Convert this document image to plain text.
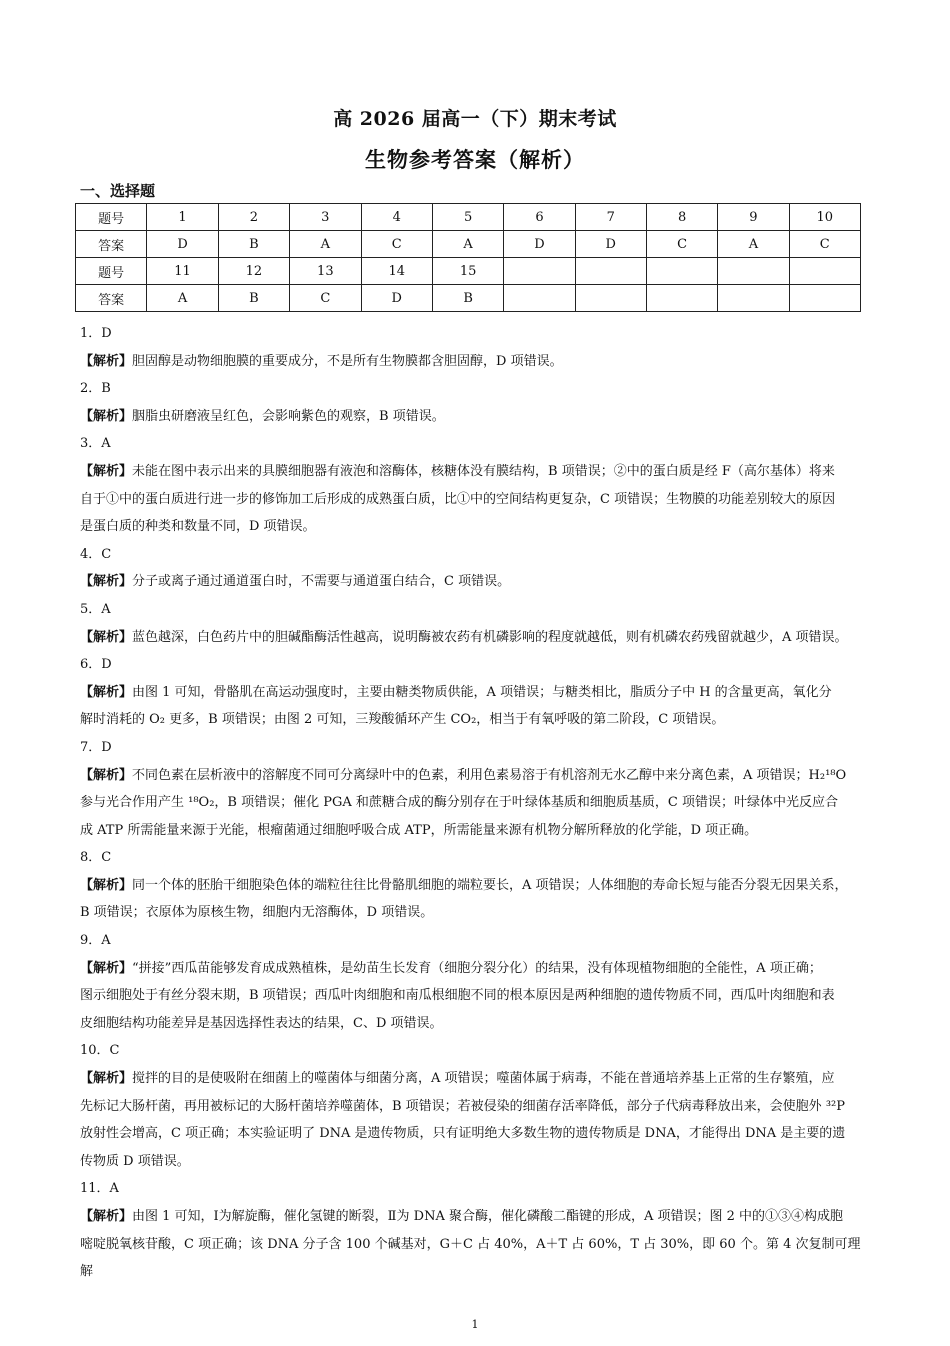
高 2026 届高一（下）期末考试
生物参考答案（解析）
一、选择题
题号	1	2	3	4	5	6	7	8	9	10
答案	D	B	A	C	A	D	D	C	A	C
题号	11	12	13	14	15					
答案	A	B	C	D	B					

1．D

【解析】胆固醇是动物细胞膜的重要成分，不是所有生物膜都含胆固醇，D 项错误。

2．B

【解析】胭脂虫研磨液呈红色，会影响紫色的观察，B 项错误。

3．A

【解析】未能在图中表示出来的具膜细胞器有液泡和溶酶体，核糖体没有膜结构，B 项错误；②中的蛋白质是经 F（高尔基体）将来

自于①中的蛋白质进行进一步的修饰加工后形成的成熟蛋白质，比①中的空间结构更复杂，C 项错误；生物膜的功能差别较大的原因

是蛋白质的种类和数量不同，D 项错误。

4．C

【解析】分子或离子通过通道蛋白时，不需要与通道蛋白结合，C 项错误。

5．A

【解析】蓝色越深，白色药片中的胆碱酯酶活性越高，说明酶被农药有机磷影响的程度就越低，则有机磷农药残留就越少，A 项错误。

6．D

【解析】由图 1 可知，骨骼肌在高运动强度时，主要由糖类物质供能，A 项错误；与糖类相比，脂质分子中 H 的含量更高，氧化分

解时消耗的 O₂ 更多，B 项错误；由图 2 可知，三羧酸循环产生 CO₂，相当于有氧呼吸的第二阶段，C 项错误。

7．D

【解析】不同色素在层析液中的溶解度不同可分离绿叶中的色素，利用色素易溶于有机溶剂无水乙醇中来分离色素，A 项错误；H₂¹⁸O

参与光合作用产生 ¹⁸O₂，B 项错误；催化 PGA 和蔗糖合成的酶分别存在于叶绿体基质和细胞质基质，C 项错误；叶绿体中光反应合

成 ATP 所需能量来源于光能，根瘤菌通过细胞呼吸合成 ATP，所需能量来源有机物分解所释放的化学能，D 项正确。

8．C

【解析】同一个体的胚胎干细胞染色体的端粒往往比骨骼肌细胞的端粒要长，A 项错误；人体细胞的寿命长短与能否分裂无因果关系，

B 项错误；衣原体为原核生物，细胞内无溶酶体，D 项错误。

9．A

【解析】“拼接”西瓜苗能够发育成成熟植株，是幼苗生长发育（细胞分裂分化）的结果，没有体现植物细胞的全能性，A 项正确；

图示细胞处于有丝分裂末期，B 项错误；西瓜叶肉细胞和南瓜根细胞不同的根本原因是两种细胞的遗传物质不同，西瓜叶肉细胞和表

皮细胞结构功能差异是基因选择性表达的结果，C、D 项错误。

10．C

【解析】搅拌的目的是使吸附在细菌上的噬菌体与细菌分离，A 项错误；噬菌体属于病毒，不能在普通培养基上正常的生存繁殖，应

先标记大肠杆菌，再用被标记的大肠杆菌培养噬菌体，B 项错误；若被侵染的细菌存活率降低，部分子代病毒释放出来，会使胞外 ³²P

放射性会增高，C 项正确；本实验证明了 DNA 是遗传物质，只有证明绝大多数生物的遗传物质是 DNA，才能得出 DNA 是主要的遗

传物质 D 项错误。

11．A

【解析】由图 1 可知，Ⅰ为解旋酶，催化氢键的断裂，Ⅱ为 DNA 聚合酶，催化磷酸二酯键的形成，A 项错误；图 2 中的①③④构成胞

嘧啶脱氧核苷酸，C 项正确；该 DNA 分子含 100 个碱基对，G＋C 占 40%，A＋T 占 60%，T 占 30%，即 60 个。第 4 次复制可理解

1
